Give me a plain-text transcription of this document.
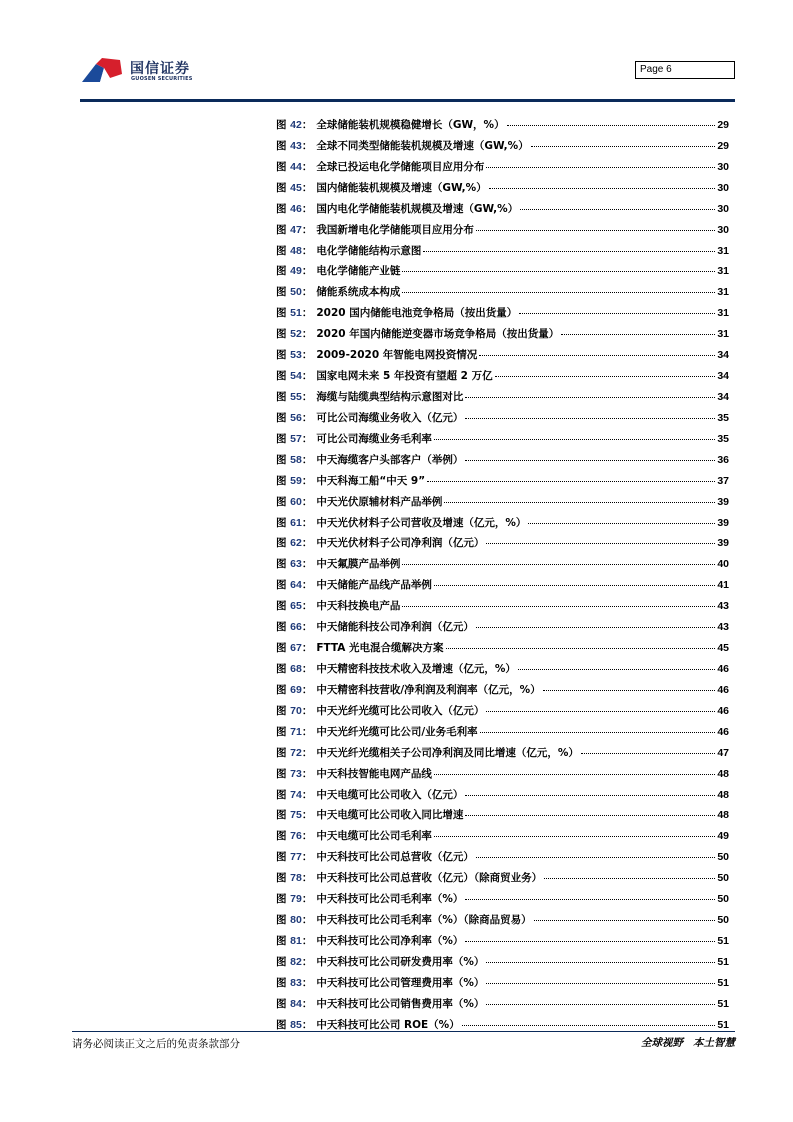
国信证券
GUOSEN SECURITIES
Page 6
图 42： 全球储能装机规模稳健增长（GW，%）	29
图 43： 全球不同类型储能装机规模及增速（GW,%）	29
图 44： 全球已投运电化学储能项目应用分布	30
图 45： 国内储能装机规模及增速（GW,%）	30
图 46： 国内电化学储能装机规模及增速（GW,%）	30
图 47： 我国新增电化学储能项目应用分布	30
图 48： 电化学储能结构示意图	31
图 49： 电化学储能产业链	31
图 50： 储能系统成本构成	31
图 51： 2020 国内储能电池竞争格局（按出货量）	31
图 52： 2020 年国内储能逆变器市场竞争格局（按出货量）	31
图 53： 2009-2020 年智能电网投资情况	34
图 54： 国家电网未来 5 年投资有望超 2 万亿	34
图 55： 海缆与陆缆典型结构示意图对比	34
图 56： 可比公司海缆业务收入（亿元）	35
图 57： 可比公司海缆业务毛利率	35
图 58： 中天海缆客户头部客户（举例）	36
图 59： 中天科海工船“中天 9”	37
图 60： 中天光伏原辅材料产品举例	39
图 61： 中天光伏材料子公司营收及增速（亿元，%）	39
图 62： 中天光伏材料子公司净利润（亿元）	39
图 63： 中天氟膜产品举例	40
图 64： 中天储能产品线产品举例	41
图 65： 中天科技换电产品	43
图 66： 中天储能科技公司净利润（亿元）	43
图 67： FTTA 光电混合缆解决方案	45
图 68： 中天精密科技技术收入及增速（亿元，%）	46
图 69： 中天精密科技营收/净利润及利润率（亿元，%）	46
图 70： 中天光纤光缆可比公司收入（亿元）	46
图 71： 中天光纤光缆可比公司/业务毛利率	46
图 72： 中天光纤光缆相关子公司净利润及同比增速（亿元，%）	47
图 73： 中天科技智能电网产品线	48
图 74： 中天电缆可比公司收入（亿元）	48
图 75： 中天电缆可比公司收入同比增速	48
图 76： 中天电缆可比公司毛利率	49
图 77： 中天科技可比公司总营收（亿元）	50
图 78： 中天科技可比公司总营收（亿元）（除商贸业务）	50
图 79： 中天科技可比公司毛利率（%）	50
图 80： 中天科技可比公司毛利率（%）（除商品贸易）	50
图 81： 中天科技可比公司净利率（%）	51
图 82： 中天科技可比公司研发费用率（%）	51
图 83： 中天科技可比公司管理费用率（%）	51
图 84： 中天科技可比公司销售费用率（%）	51
图 85： 中天科技可比公司 ROE（%）	51
请务必阅读正文之后的免责条款部分	全球视野 本土智慧
